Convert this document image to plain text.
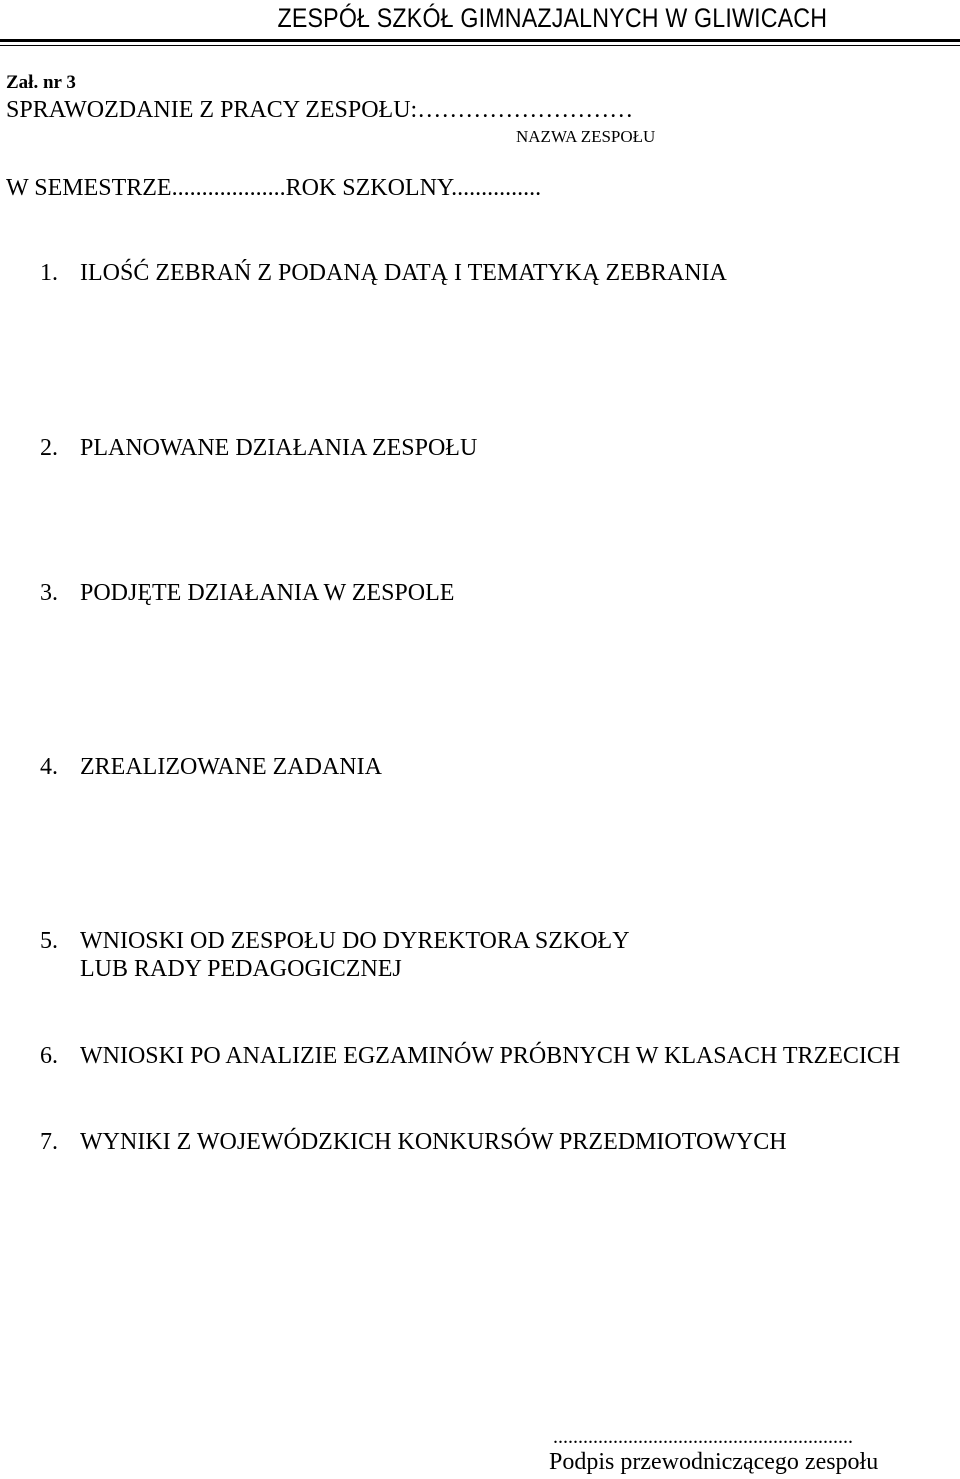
ZESPÓŁ SZKÓŁ GIMNAZJALNYCH W GLIWICACH
Zał. nr 3
SPRAWOZDANIE Z PRACY ZESPOŁU:………………………
NAZWA ZESPOŁU
W SEMESTRZE...................ROK SZKOLNY...............
1. ILOŚĆ ZEBRAŃ Z PODANĄ DATĄ I TEMATYKĄ ZEBRANIA
2. PLANOWANE DZIAŁANIA ZESPOŁU
3. PODJĘTE DZIAŁANIA W ZESPOLE
4. ZREALIZOWANE ZADANIA
5. WNIOSKI OD ZESPOŁU DO DYREKTORA SZKOŁY
LUB RADY PEDAGOGICZNEJ
6. WNIOSKI PO ANALIZIE EGZAMINÓW PRÓBNYCH W KLASACH TRZECICH
7. WYNIKI Z WOJEWÓDZKICH KONKURSÓW PRZEDMIOTOWYCH
............................................................
Podpis przewodniczącego zespołu
